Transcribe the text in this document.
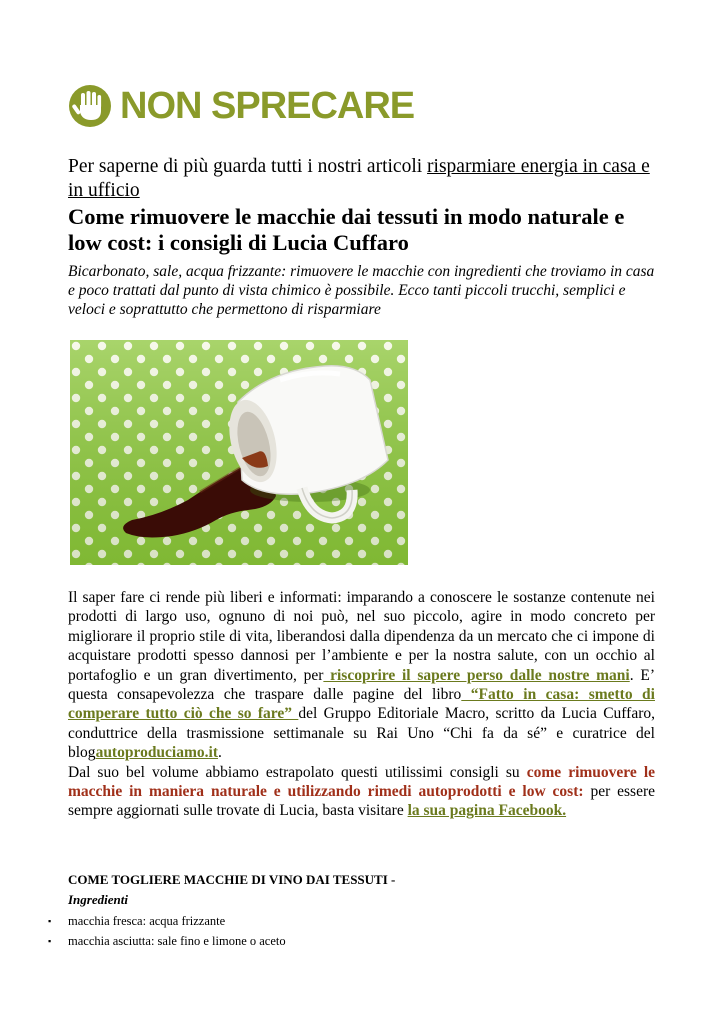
NON SPRECARE
Per saperne di più guarda tutti i nostri articoli risparmiare energia in casa e in ufficio
Come rimuovere le macchie dai tessuti in modo naturale e low cost: i consigli di Lucia Cuffaro
Bicarbonato, sale, acqua frizzante: rimuovere le macchie con ingredienti che troviamo in casa e poco trattati dal punto di vista chimico è possibile. Ecco tanti piccoli trucchi, semplici e veloci e soprattutto che permettono di risparmiare

Il saper fare ci rende più liberi e informati: imparando a conoscere le sostanze contenute nei prodotti di largo uso, ognuno di noi può, nel suo piccolo, agire in modo concreto per migliorare il proprio stile di vita, liberandosi dalla dipendenza da un mercato che ci impone di acquistare prodotti spesso dannosi per l’ambiente e per la nostra salute, con un occhio al portafoglio e un gran divertimento, per riscoprire il sapere perso dalle nostre mani. E’ questa consapevolezza che traspare dalle pagine del libro “Fatto in casa: smetto di comperare tutto ciò che so fare” del Gruppo Editoriale Macro, scritto da Lucia Cuffaro, conduttrice della trasmissione settimanale su Rai Uno “Chi fa da sé” e curatrice del blogautoproduciamo.it.

Dal suo bel volume abbiamo estrapolato questi utilissimi consigli su come rimuovere le macchie in maniera naturale e utilizzando rimedi autoprodotti e low cost: per essere sempre aggiornati sulle trovate di Lucia, basta visitare la sua pagina Facebook.

COME TOGLIERE MACCHIE DI VINO DAI TESSUTI -
Ingredienti
▪	macchia fresca: acqua frizzante
▪	macchia asciutta: sale fino e limone o aceto
